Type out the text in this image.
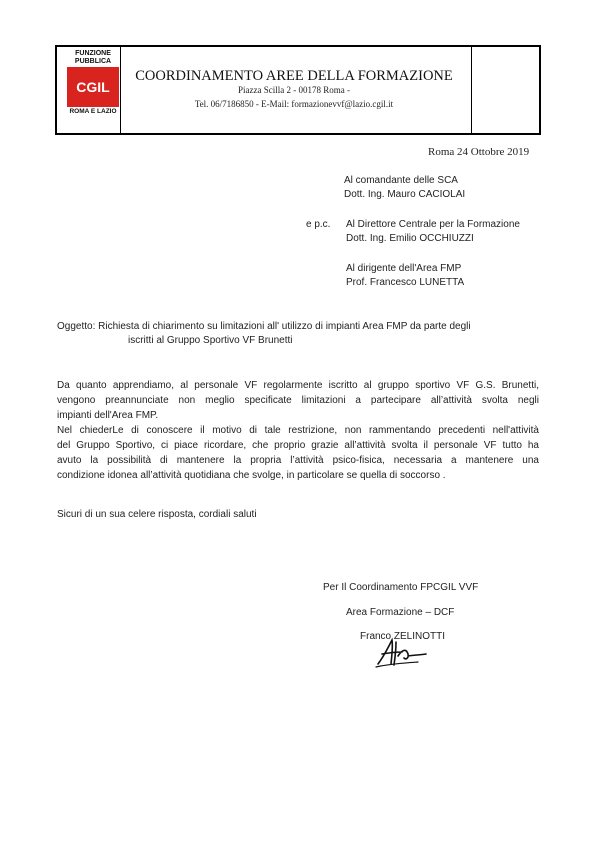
FUNZIONE
PUBBLICA
CGIL
ROMA E LAZIO
COORDINAMENTO AREE DELLA FORMAZIONE
Piazza Scilla 2 - 00178 Roma -
Tel. 06/7186850 - E-Mail: formazionevvf@lazio.cgil.it
Roma 24 Ottobre 2019
Al comandante delle SCA
Dott. Ing. Mauro CACIOLAI
e p.c. Al Direttore Centrale per la Formazione
Dott. Ing. Emilio OCCHIUZZI
Al dirigente dell'Area FMP
Prof. Francesco LUNETTA
Oggetto: Richiesta di chiarimento su limitazioni all' utilizzo di impianti Area FMP da parte degli
iscritti al Gruppo Sportivo VF Brunetti
Da quanto apprendiamo, al personale VF regolarmente iscritto al gruppo sportivo VF G.S. Brunetti,
vengono preannunciate non meglio specificate limitazioni a partecipare all’attività svolta negli
impianti dell'Area FMP.
Nel chiederLe di conoscere il motivo di tale restrizione, non rammentando precedenti nell'attività
del Gruppo Sportivo, ci piace ricordare, che proprio grazie all’attività svolta il personale VF tutto ha
avuto la possibilità di mantenere la propria l’attività psico-fisica, necessaria a mantenere una
condizione idonea all’attività quotidiana che svolge, in particolare se quella di soccorso .
Sicuri di un sua celere risposta, cordiali saluti
Per Il Coordinamento FPCGIL VVF
Area Formazione – DCF
Franco ZELINOTTI
